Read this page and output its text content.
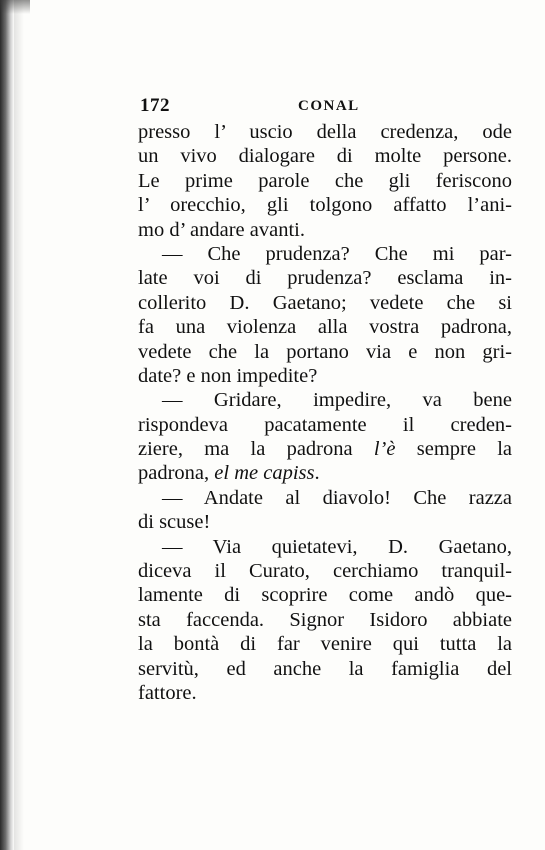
172	CONAL
presso l’ uscio della credenza, ode
un vivo dialogare di molte persone.
Le prime parole che gli feriscono
l’ orecchio, gli tolgono affatto l’ani-
mo d’ andare avanti.
— Che prudenza? Che mi par-
late voi di prudenza? esclama in-
collerito D. Gaetano; vedete che si
fa una violenza alla vostra padrona,
vedete che la portano via e non gri-
date? e non impedite?
— Gridare, impedire, va bene
rispondeva pacatamente il creden-
ziere, ma la padrona l’è sempre la
padrona, el me capiss.
— Andate al diavolo! Che razza
di scuse!
— Via quietatevi, D. Gaetano,
diceva il Curato, cerchiamo tranquil-
lamente di scoprire come andò que-
sta faccenda. Signor Isidoro abbiate
la bontà di far venire qui tutta la
servitù, ed anche la famiglia del
fattore.
